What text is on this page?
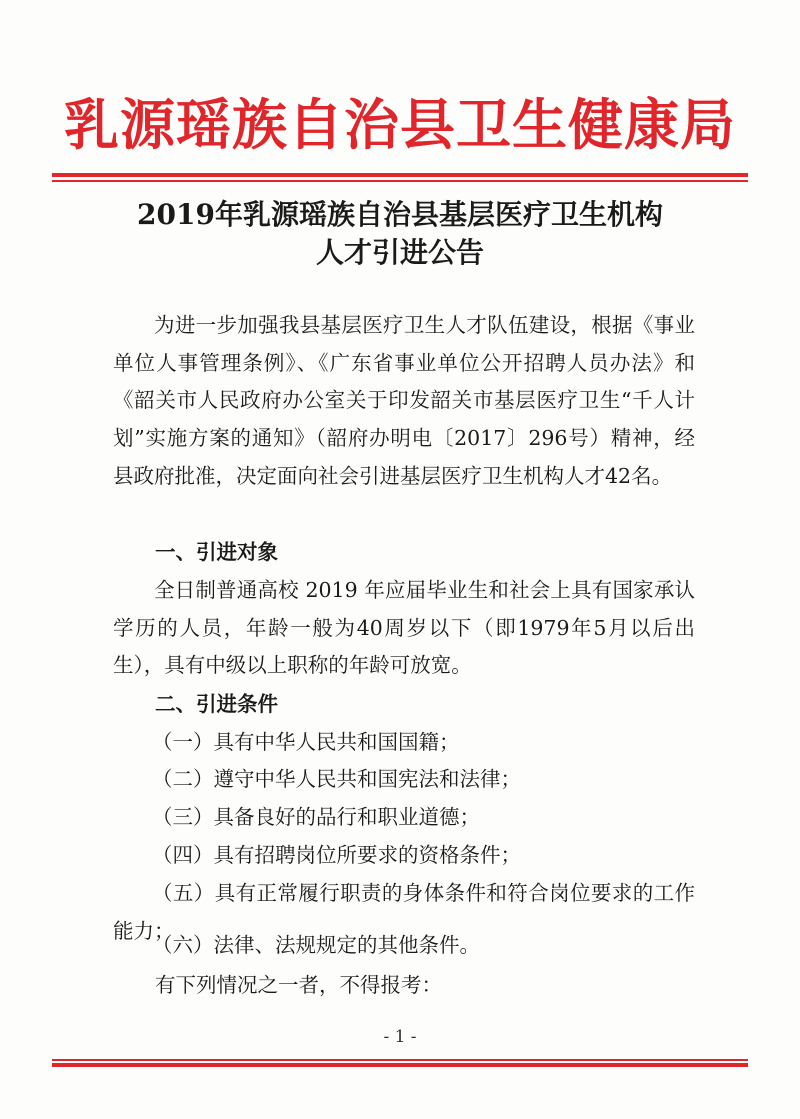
乳源瑶族自治县卫生健康局
2019年乳源瑶族自治县基层医疗卫生机构
人才引进公告

为进一步加强我县基层医疗卫生人才队伍建设，根据《事业单位人事管理条例》、《广东省事业单位公开招聘人员办法》和《韶关市人民政府办公室关于印发韶关市基层医疗卫生“千人计划”实施方案的通知》（韶府办明电〔2017〕296号）精神，经县政府批准，决定面向社会引进基层医疗卫生机构人才42名。

一、引进对象

全日制普通高校 2019 年应届毕业生和社会上具有国家承认学历的人员，年龄一般为40周岁以下（即1979年5月以后出生），具有中级以上职称的年龄可放宽。

二、引进条件

（一）具有中华人民共和国国籍；

（二）遵守中华人民共和国宪法和法律；

（三）具备良好的品行和职业道德；

（四）具有招聘岗位所要求的资格条件；

（五）具有正常履行职责的身体条件和符合岗位要求的工作能力；

（六）法律、法规规定的其他条件。

有下列情况之一者，不得报考：

- 1 -
